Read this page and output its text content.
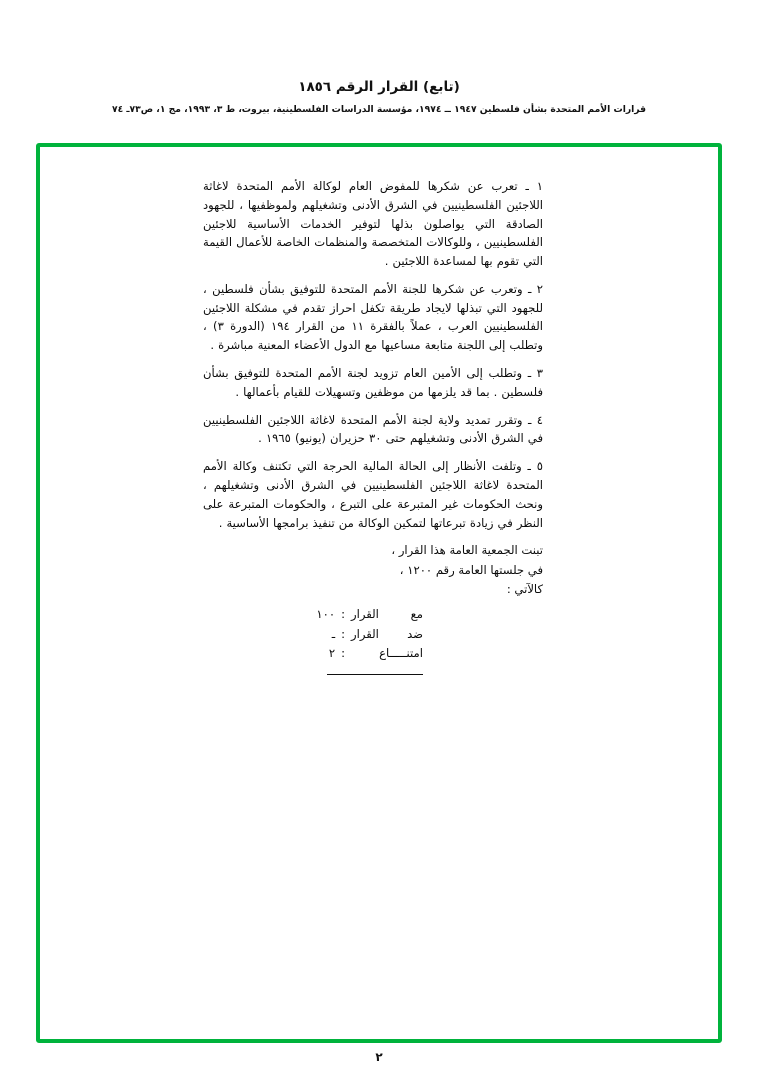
(تابع) القرار الرقم ١٨٥٦
قرارات الأمم المتحدة بشأن فلسطين ١٩٤٧ ــ ١٩٧٤، مؤسسة الدراسات الفلسطينية، بيروت، ط ٣، ١٩٩٣، مج ١، ص٧٣ـ ٧٤

١ ـ تعرب عن شكرها للمفوض العام لوكالة الأمم المتحدة لاغاثة اللاجئين الفلسطينيين في الشرق الأدنى وتشغيلهم ولموظفيها ، للجهود الصادقة التي يواصلون بذلها لتوفير الخدمات الأساسية للاجئين الفلسطينيين ، وللوكالات المتخصصة والمنظمات الخاصة للأعمال القيمة التي تقوم بها لمساعدة اللاجئين .

٢ ـ وتعرب عن شكرها للجنة الأمم المتحدة للتوفيق بشأن فلسطين ، للجهود التي تبذلها لايجاد طريقة تكفل احراز تقدم في مشكلة اللاجئين الفلسطينيين العرب ، عملاً بالفقرة ١١ من القرار ١٩٤ (الدورة ٣) ، وتطلب إلى اللجنة متابعة مساعيها مع الدول الأعضاء المعنية مباشرة .

٣ ـ وتطلب إلى الأمين العام تزويد لجنة الأمم المتحدة للتوفيق بشأن فلسطين . بما قد يلزمها من موظفين وتسهيلات للقيام بأعمالها .

٤ ـ وتقرر تمديد ولاية لجنة الأمم المتحدة لاغاثة اللاجئين الفلسطينيين في الشرق الأدنى وتشغيلهم حتى ٣٠ حزيران (يونيو) ١٩٦٥ .

٥ ـ وتلفت الأنظار إلى الحالة المالية الحرجة التي تكتنف وكالة الأمم المتحدة لاغاثة اللاجئين الفلسطينيين في الشرق الأدنى وتشغيلهم ، ونحث الحكومات غير المتبرعة على التبرع ، والحكومات المتبرعة على النظر في زيادة تبرعاتها لتمكين الوكالة من تنفيذ برامجها الأساسية .

تبنت الجمعية العامة هذا القرار ،
في جلستها العامة رقم ١٢٠٠ ،
كالآتي :
مع القرار
:
١٠٠
ضد القرار
:
ـ
امتنـــــاع
:
٢
٢
